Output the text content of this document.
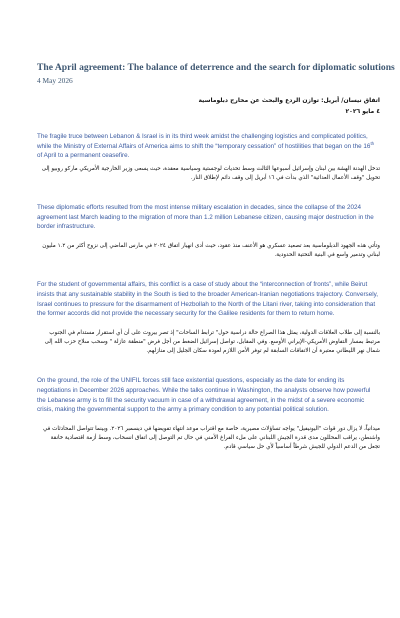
The April agreement: The balance of deterrence and the search for diplomatic solutions
4 May 2026
اتفاق نيسان/ أبريل: توازن الردع والبحث عن مخارج دبلوماسية
٤ مايو ٢٠٢٦

The fragile truce between Lebanon & Israel is in its third week amidst the challenging logistics and complicated politics, while the Ministry of External Affairs of America aims to shift the “temporary cessation” of hostilities that began on the 16th of April to a permanent ceasefire.

تدخل الهدنة الهشة بين لبنان وإسرائيل أسبوعها الثالث وسط تحديات لوجستية وسياسية معقدة، حيث يسعى وزير الخارجية الأمريكي ماركو روبيو إلى تحويل "وقف الأعمال العدائية" الذي بدأت في ١٦ أبريل إلى وقف دائم لإطلاق النار.

These diplomatic efforts resulted from the most intense military escalation in decades, since the collapse of the 2024 agreement last March leading to the migration of more than 1.2 million Lebanese citizen, causing major destruction in the border infrastructure.

وتأتي هذه الجهود الدبلوماسية بعد تصعيد عسكري هو الأعنف منذ عقود، حيث أدى انهيار اتفاق ٢٠٢٤ في مارس الماضي إلى نزوح أكثر من ١.٢ مليون لبناني وتدمير واسع في البنية التحتية الحدودية.

For the student of governmental affairs, this conflict is a case of study about the “interconnection of fronts”, while Beirut insists that any sustainable stability in the South is tied to the broader American-Iranian negotiations trajectory. Conversely, Israel continues to pressure for the disarmament of Hezbollah to the North of the Litani river, taking into consideration that the former accords did not provide the necessary security for the Galilee residents for them to return home.

بالنسبة إلى طلاب العلاقات الدولية، يمثل هذا الصراع حالة دراسية حول" ترابط الساحات" إذ تصر بيروت على أن أي استقرار مستدام في الجنوب مرتبط بمسار التفاوض الأمريكي-الإيراني الأوسع. وفي المقابل، تواصل إسرائيل الضغط من أجل فرض "منطقة عازلة " وسحب سلاح حزب الله إلى شمال نهر الليطاني معتبرة أن الاتفاقات السابقة لم توفر الأمن اللازم لعودة سكان الجليل إلى منازلهم.

On the ground, the role of the UNIFIL forces still face existential questions, especially as the date for ending its negotiations in December 2026 approaches. While the talks continue in Washington, the analysts observe how powerful the Lebanese army is to fill the security vacuum in case of a withdrawal agreement, in the midst of a severe economic crisis, making the governmental support to the army a primary condition to any potential political solution.

ميدانياً، لا يزال دور قوات "اليونيفيل" يواجه تساؤلات مصيرية، خاصة مع اقتراب موعد انتهاء تفويضها في ديسمبر ٢٠٢٦. وبينما تتواصل المحادثات في واشنطن، يراقب المحللون مدى قدرة الجيش اللبناني على ملء الفراغ الأمني في حال تم التوصل إلى اتفاق انسحاب، وسط أزمة اقتصادية خانقة تجعل من الدعم الدولي للجيش شرطاً أساسياً لأي حل سياسي قادم.
